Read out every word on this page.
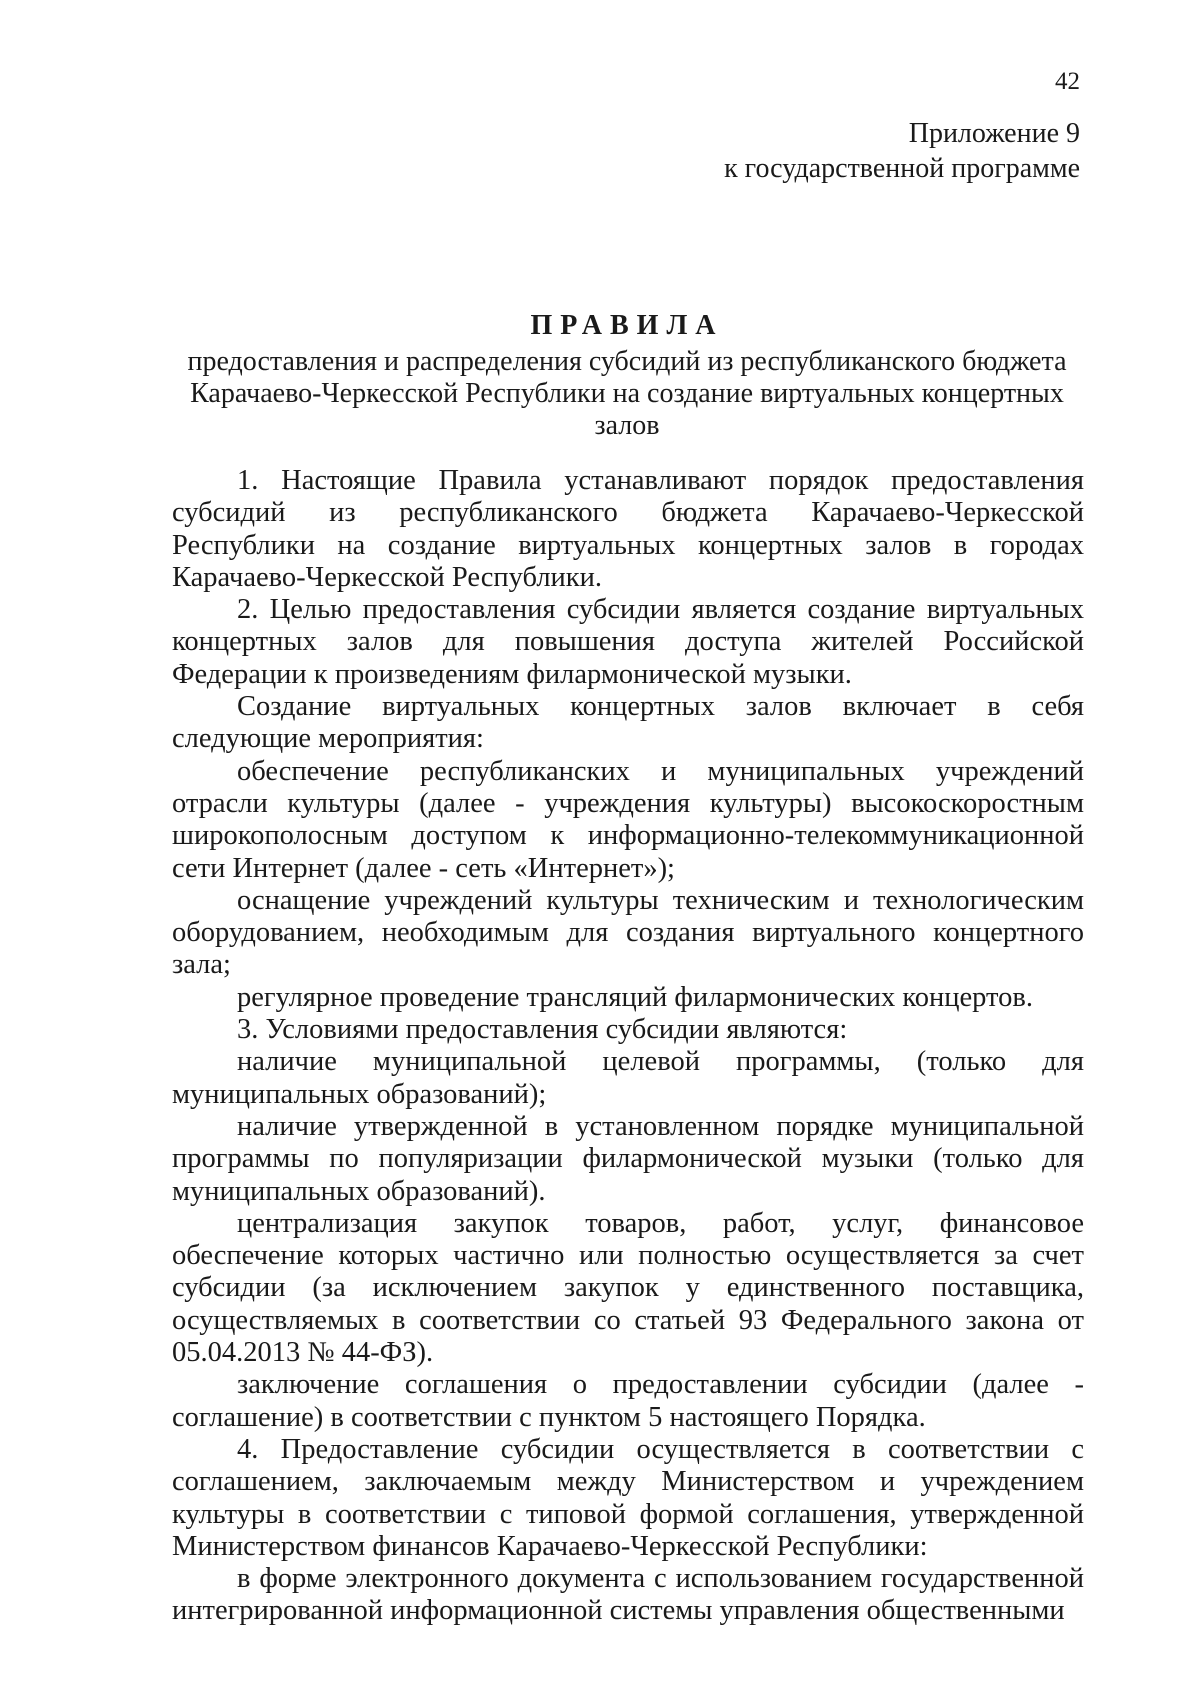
42
Приложение 9
к государственной программе
ПРАВИЛА
предоставления и распределения субсидий из республиканского бюджета Карачаево-Черкесской Республики на создание виртуальных концертных залов

1. Настоящие Правила устанавливают порядок предоставления субсидий из республиканского бюджета Карачаево-Черкесской Республики на создание виртуальных концертных залов в городах Карачаево-Черкесской Республики.

2. Целью предоставления субсидии является создание виртуальных концертных залов для повышения доступа жителей Российской Федерации к произведениям филармонической музыки.

Создание виртуальных концертных залов включает в себя следующие мероприятия:

обеспечение республиканских и муниципальных учреждений отрасли культуры (далее - учреждения культуры) высокоскоростным широкополосным доступом к информационно-телекоммуникационной сети Интернет (далее - сеть «Интернет»);

оснащение учреждений культуры техническим и технологическим оборудованием, необходимым для создания виртуального концертного зала;

регулярное проведение трансляций филармонических концертов.

3. Условиями предоставления субсидии являются:

наличие муниципальной целевой программы, (только для муниципальных образований);

наличие утвержденной в установленном порядке муниципальной программы по популяризации филармонической музыки (только для муниципальных образований).

централизация закупок товаров, работ, услуг, финансовое обеспечение которых частично или полностью осуществляется за счет субсидии (за исключением закупок у единственного поставщика, осуществляемых в соответствии со статьей 93 Федерального закона от 05.04.2013 № 44-ФЗ).

заключение соглашения о предоставлении субсидии (далее - соглашение) в соответствии с пунктом 5 настоящего Порядка.

4. Предоставление субсидии осуществляется в соответствии с соглашением, заключаемым между Министерством и учреждением культуры в соответствии с типовой формой соглашения, утвержденной Министерством финансов Карачаево-Черкесской Республики:

в форме электронного документа с использованием государственной интегрированной информационной системы управления общественными
